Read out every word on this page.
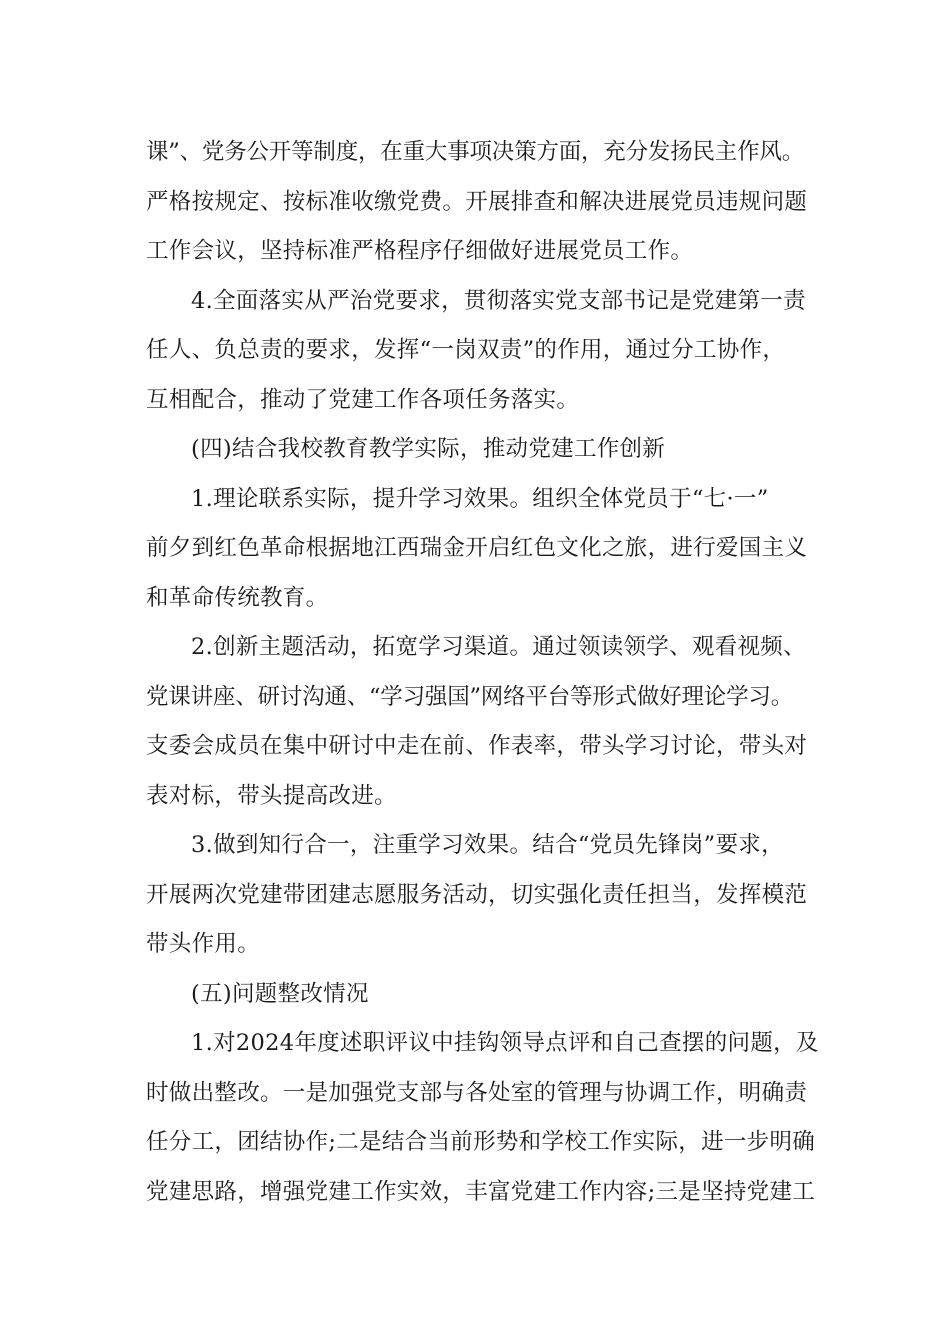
课”、党务公开等制度，在重大事项决策方面，充分发扬民主作风。
严格按规定、按标准收缴党费。开展排查和解决进展党员违规问题
工作会议，坚持标准严格程序仔细做好进展党员工作。
4.全面落实从严治党要求，贯彻落实党支部书记是党建第一责
任人、负总责的要求，发挥“一岗双责”的作用，通过分工协作，
互相配合，推动了党建工作各项任务落实。
(四)结合我校教育教学实际，推动党建工作创新
1.理论联系实际，提升学习效果。组织全体党员于“七·一”
前夕到红色革命根据地江西瑞金开启红色文化之旅，进行爱国主义
和革命传统教育。
2.创新主题活动，拓宽学习渠道。通过领读领学、观看视频、
党课讲座、研讨沟通、“学习强国”网络平台等形式做好理论学习。
支委会成员在集中研讨中走在前、作表率，带头学习讨论，带头对
表对标，带头提高改进。
3.做到知行合一，注重学习效果。结合“党员先锋岗”要求，
开展两次党建带团建志愿服务活动，切实强化责任担当，发挥模范
带头作用。
(五)问题整改情况
1.对2024年度述职评议中挂钩领导点评和自己查摆的问题，及
时做出整改。一是加强党支部与各处室的管理与协调工作，明确责
任分工，团结协作;二是结合当前形势和学校工作实际，进一步明确
党建思路，增强党建工作实效，丰富党建工作内容;三是坚持党建工
